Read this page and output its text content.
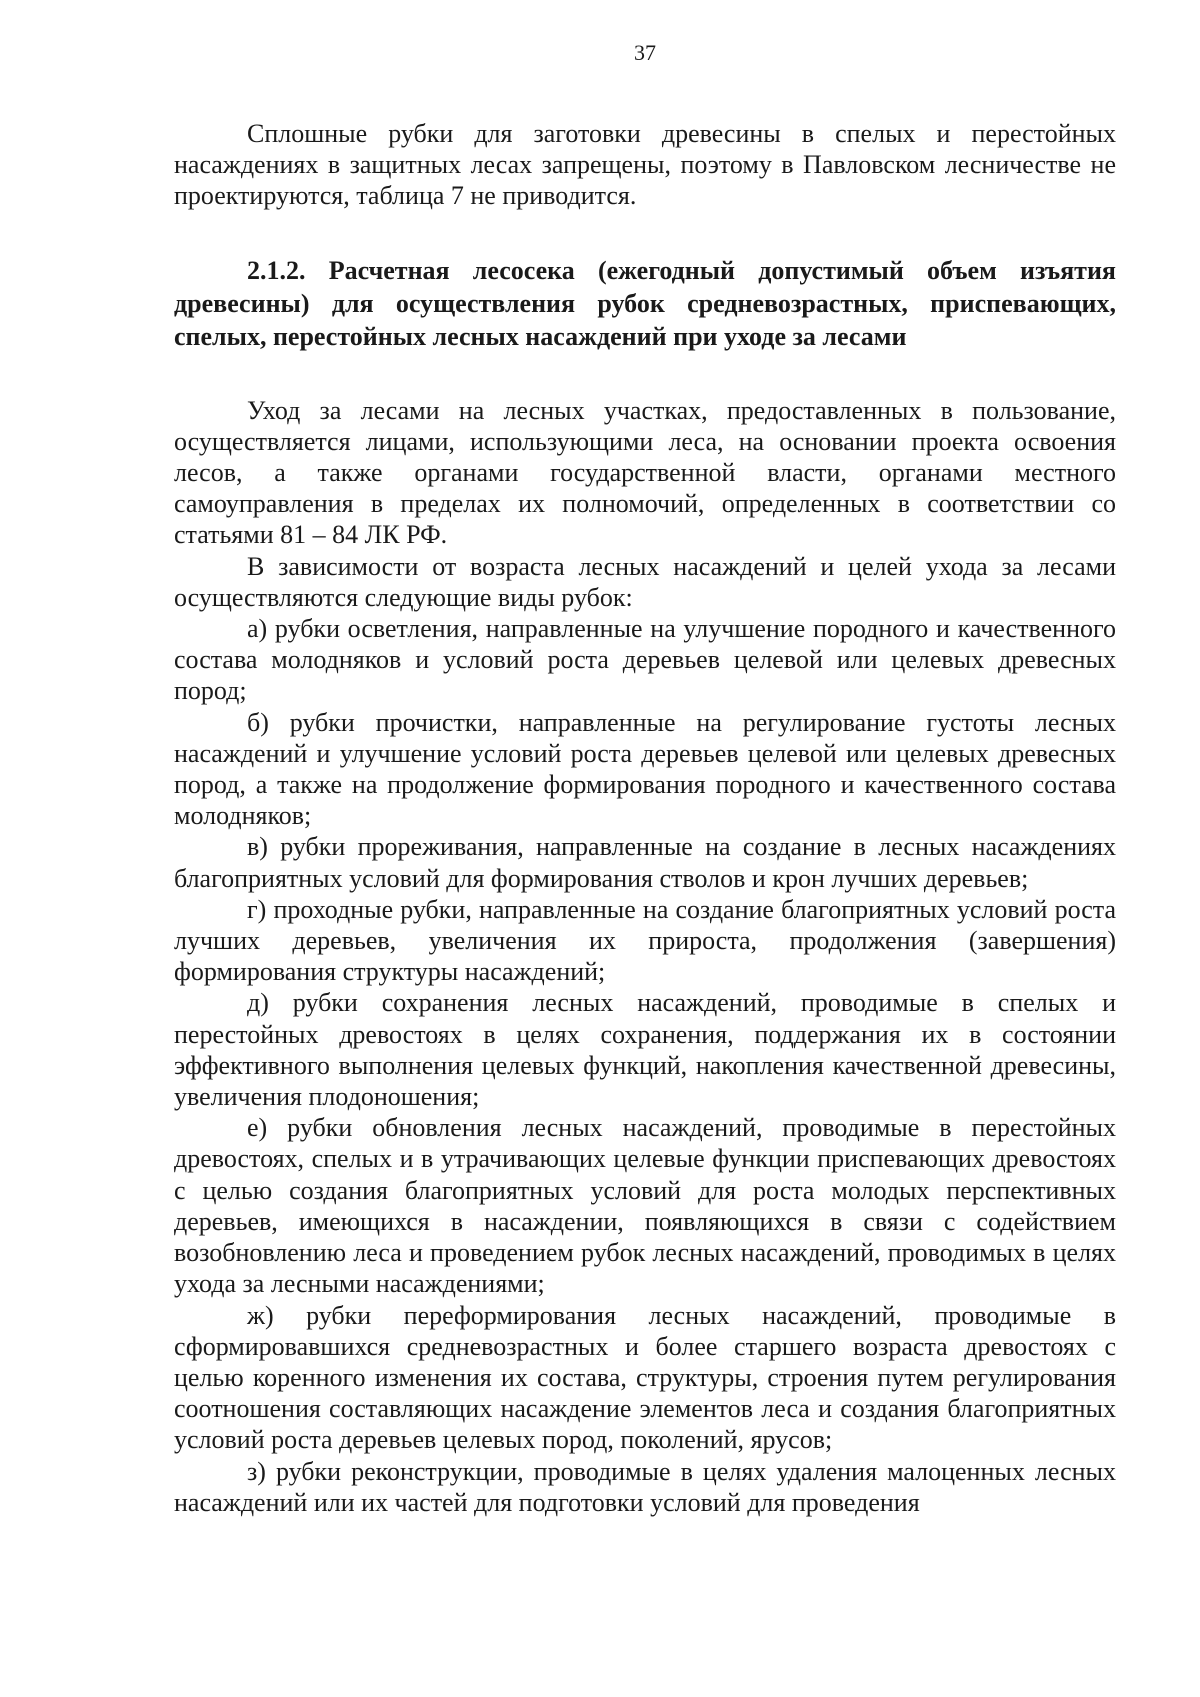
37

Сплошные рубки для заготовки древесины в спелых и перестойных насаждениях в защитных лесах запрещены, поэтому в Павловском лесничестве не проектируются, таблица 7 не приводится.

2.1.2. Расчетная лесосека (ежегодный допустимый объем изъятия древесины) для осуществления рубок средневозрастных, приспевающих, спелых, перестойных лесных насаждений при уходе за лесами

Уход за лесами на лесных участках, предоставленных в пользование, осуществляется лицами, использующими леса, на основании проекта освоения лесов, а также органами государственной власти, органами местного самоуправления в пределах их полномочий, определенных в соответствии со статьями 81 – 84 ЛК РФ.

В зависимости от возраста лесных насаждений и целей ухода за лесами осуществляются следующие виды рубок:

а) рубки осветления, направленные на улучшение породного и качественного состава молодняков и условий роста деревьев целевой или целевых древесных пород;

б) рубки прочистки, направленные на регулирование густоты лесных насаждений и улучшение условий роста деревьев целевой или целевых древесных пород, а также на продолжение формирования породного и качественного состава молодняков;

в) рубки прореживания, направленные на создание в лесных насаждениях благоприятных условий для формирования стволов и крон лучших деревьев;

г) проходные рубки, направленные на создание благоприятных условий роста лучших деревьев, увеличения их прироста, продолжения (завершения) формирования структуры насаждений;

д) рубки сохранения лесных насаждений, проводимые в спелых и перестойных древостоях в целях сохранения, поддержания их в состоянии эффективного выполнения целевых функций, накопления качественной древесины, увеличения плодоношения;

е) рубки обновления лесных насаждений, проводимые в перестойных древостоях, спелых и в утрачивающих целевые функции приспевающих древостоях с целью создания благоприятных условий для роста молодых перспективных деревьев, имеющихся в насаждении, появляющихся в связи с содействием возобновлению леса и проведением рубок лесных насаждений, проводимых в целях ухода за лесными насаждениями;

ж) рубки переформирования лесных насаждений, проводимые в сформировавшихся средневозрастных и более старшего возраста древостоях с целью коренного изменения их состава, структуры, строения путем регулирования соотношения составляющих насаждение элементов леса и создания благоприятных условий роста деревьев целевых пород, поколений, ярусов;

з) рубки реконструкции, проводимые в целях удаления малоценных лесных насаждений или их частей для подготовки условий для проведения
